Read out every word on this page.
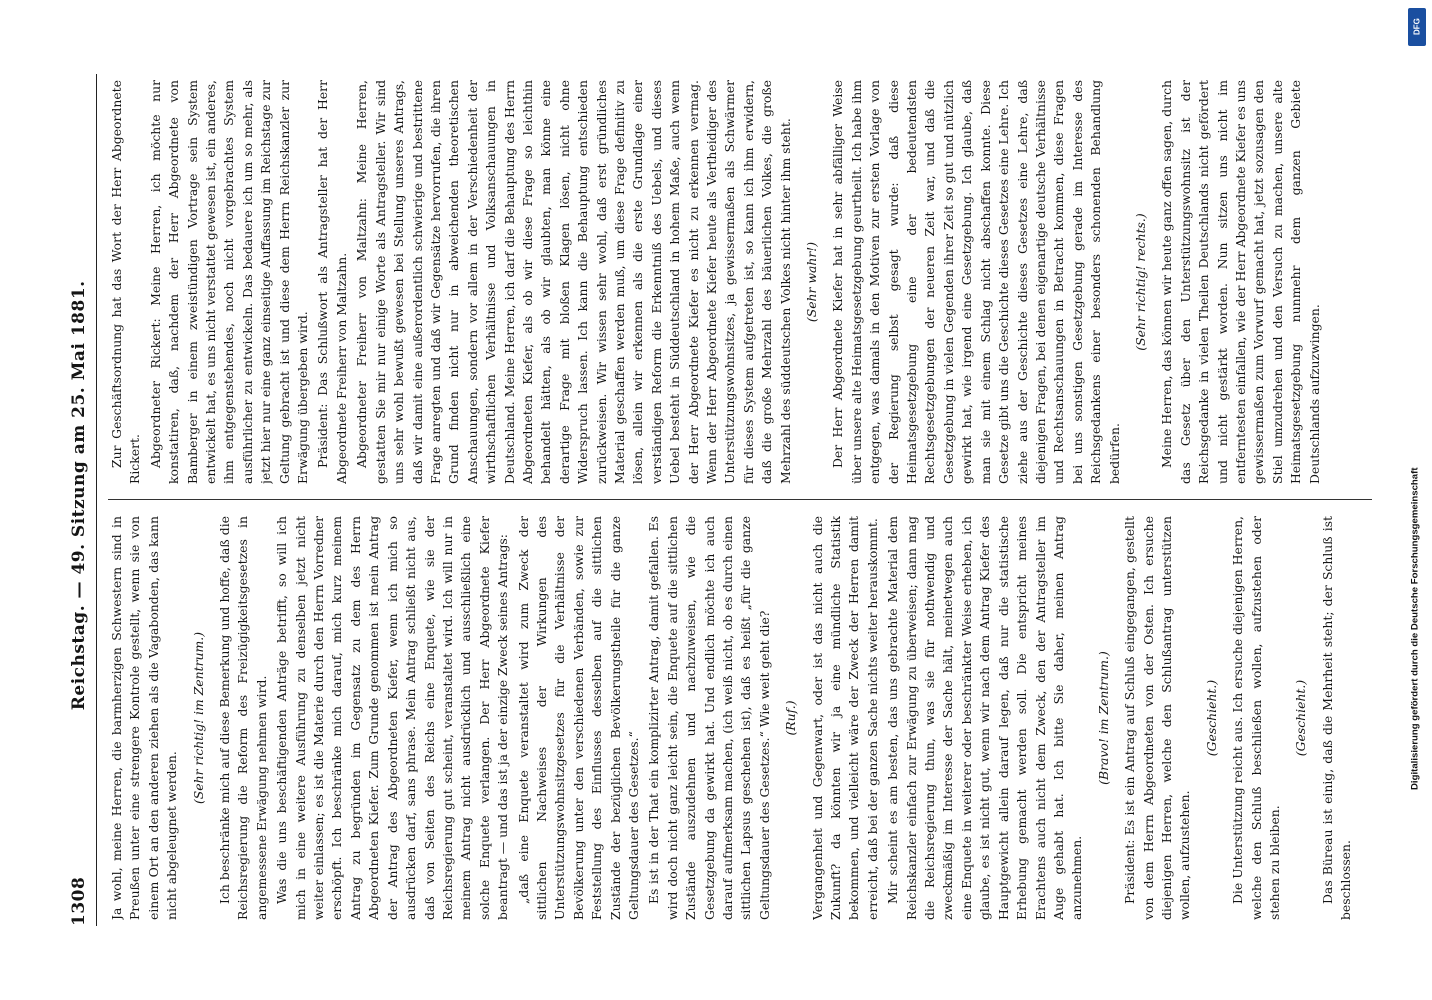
1308
Reichstag. — 49. Sitzung am 25. Mai 1881.

Ja wohl, meine Herren, die barmherzigen Schwestern sind in Preußen unter eine strengere Kontrole gestellt, wenn sie von einem Ort an den anderen ziehen als die Vagabonden, das kann nicht abgeleugnet werden.

(Sehr richtig! im Zentrum.) Ich beschränke mich auf diese Bemerkung und hoffe, daß die Reichsregierung die Reform des Freizügigkeitsgesetzes in angemessene Erwägung nehmen wird. Was die uns beschäftigenden Anträge betrifft, so will ich mich in eine weitere Ausführung zu denselben jetzt nicht weiter einlassen; es ist die Materie durch den Herrn Vorredner erschöpft. Ich beschränke mich darauf, mich kurz meinem Antrag zu begründen im Gegensatz zu dem des Herrn Abgeordneten Kiefer. Zum Grunde genommen ist mein Antrag der Antrag des Abgeordneten Kiefer, wenn ich mich so ausdrücken darf, sans phrase. Mein Antrag schließt nicht aus, daß von Seiten des Reichs eine Enquete, wie sie der Reichsregierung gut scheint, veranstaltet wird. Ich will nur in meinem Antrag nicht ausdrücklich und ausschließlich eine solche Enquete verlangen. Der Herr Abgeordnete Kiefer beantragt — und das ist ja der einzige Zweck seines Antrags: „daß eine Enquete veranstaltet wird zum Zweck der sittlichen Nachweises der Wirkungen des Unterstützungswohnsitzgesetzes für die Verhältnisse der Bevölkerung unter den verschiedenen Verbänden, sowie zur Feststellung des Einflusses desselben auf die sittlichen Zustände der bezüglichen Bevölkerungstheile für die ganze Geltungsdauer des Gesetzes.“ Es ist in der That ein komplizirter Antrag, damit gefallen. Es wird doch nicht ganz leicht sein, die Enquete auf die sittlichen Zustände auszudehnen und nachzuweisen, wie die Gesetzgebung da gewirkt hat. Und endlich möchte ich auch darauf aufmerksam machen, (ich weiß nicht, ob es durch einen sittlichen Lapsus geschehen ist), daß es heißt „für die ganze Geltungsdauer des Gesetzes.“ Wie weit geht die? (Ruf.) Vergangenheit und Gegenwart, oder ist das nicht auch die Zukunft? da könnten wir ja eine mündliche Statistik bekommen, und vielleicht wäre der Zweck der Herren damit erreicht, daß bei der ganzen Sache nichts weiter herauskommt. Mir scheint es am besten, das uns gebrachte Material dem Reichskanzler einfach zur Erwägung zu überweisen; dann mag die Reichsregierung thun, was sie für nothwendig und zweckmäßig im Interesse der Sache hält, meinetwegen auch eine Enquete in weiterer oder beschränkter Weise erheben, ich glaube, es ist nicht gut, wenn wir nach dem Antrag Kiefer des Hauptgewicht allein darauf legen, daß nur die statistische Erhebung gemacht werden soll. Die entspricht meines Erachtens auch nicht dem Zweck, den der Antragsteller im Auge gehabt hat. Ich bitte Sie daher, meinen Antrag anzunehmen.

(Bravo! im Zentrum.) Präsident: Es ist ein Antrag auf Schluß eingegangen, gestellt von dem Herrn Abgeordneten von der Osten. Ich ersuche diejenigen Herren, welche den Schlußantrag unterstützen wollen, aufzustehen.

(Geschieht.) Die Unterstützung reicht aus. Ich ersuche diejenigen Herren, welche den Schluß beschließen wollen, aufzustehen oder stehen zu bleiben.

(Geschieht.) Das Büreau ist einig, daß die Mehrheit steht; der Schluß ist beschlossen.

Zur Geschäftsordnung hat das Wort der Herr Abgeordnete Rickert. Abgeordneter Rickert: Meine Herren, ich möchte nur konstatiren, daß, nachdem der Herr Abgeordnete von Bamberger in einem zweistündigen Vortrage sein System entwickelt hat, es uns nicht verstattet gewesen ist, ein anderes, ihm entgegenstehendes, noch nicht vorgebrachtes System ausführlicher zu entwickeln. Das bedauere ich um so mehr, als jetzt hier nur eine ganz einseitige Auffassung im Reichstage zur Geltung gebracht ist und diese dem Herrn Reichskanzler zur Erwägung übergeben wird. Präsident: Das Schlußwort als Antragsteller hat der Herr Abgeordnete Freiherr von Maltzahn. Abgeordneter Freiherr von Maltzahn: Meine Herren, gestatten Sie mir nur einige Worte als Antragsteller. Wir sind uns sehr wohl bewußt gewesen bei Stellung unseres Antrags, daß wir damit eine außerordentlich schwierige und bestrittene Frage anregten und daß wir Gegensätze hervorrufen, die ihren Grund finden nicht nur in abweichenden theoretischen Anschauungen, sondern vor allem in der Verschiedenheit der wirthschaftlichen Verhältnisse und Volksanschauungen in Deutschland. Meine Herren, ich darf die Behauptung des Herrn Abgeordneten Kiefer, als ob wir diese Frage so leichthin behandelt hätten, als ob wir glaubten, man könne eine derartige Frage mit bloßen Klagen lösen, nicht ohne Widerspruch lassen. Ich kann die Behauptung entschieden zurückweisen. Wir wissen sehr wohl, daß erst gründliches Material geschaffen werden muß, um diese Frage definitiv zu lösen, allein wir erkennen als die erste Grundlage einer verständigen Reform die Erkenntniß des Uebels, und dieses Uebel besteht in Süddeutschland in hohem Maße, auch wenn der Herr Abgeordnete Kiefer es nicht zu erkennen vermag. Wenn der Herr Abgeordnete Kiefer heute als Vertheidiger des Unterstützungswohnsitzes, ja gewissermaßen als Schwärmer für dieses System aufgetreten ist, so kann ich ihm erwidern, daß die große Mehrzahl des bäuerlichen Volkes, die große Mehrzahl des süddeutschen Volkes nicht hinter ihm steht. (Sehr wahr!) Der Herr Abgeordnete Kiefer hat in sehr abfälliger Weise über unsere alte Heimatsgesetzgebung geurtheilt. Ich habe ihm entgegen, was damals in den Motiven zur ersten Vorlage von der Regierung selbst gesagt wurde: daß diese Heimatsgesetzgebung eine der bedeutendsten Rechtsgesetzgebungen der neueren Zeit war, und daß die Gesetzgebung in vielen Gegenden ihrer Zeit so gut und nützlich gewirkt hat, wie irgend eine Gesetzgebung. Ich glaube, daß man sie mit einem Schlag nicht abschaffen konnte. Diese Gesetze gibt uns die Geschichte dieses Gesetzes eine Lehre. Ich ziehe aus der Geschichte dieses Gesetzes eine Lehre, daß diejenigen Fragen, bei denen eigenartige deutsche Verhältnisse und Rechtsanschauungen in Betracht kommen, diese Fragen bei uns sonstigen Gesetzgebung gerade im Interesse des Reichsgedankens einer besonders schonenden Behandlung bedürfen.

(Sehr richtig! rechts.) Meine Herren, das können wir heute ganz offen sagen, durch das Gesetz über den Unterstützungswohnsitz ist der Reichsgedanke in vielen Theilen Deutschlands nicht gefördert und nicht gestärkt worden. Nun sitzen uns nicht im entferntesten einfallen, wie der Herr Abgeordnete Kiefer es uns gewissermaßen zum Vorwurf gemacht hat, jetzt sozusagen den Stiel umzudrehen und den Versuch zu machen, unsere alte Heimatsgesetzgebung nunmehr dem ganzen Gebiete Deutschlands aufzuzwingen.

Digitalisierung gefördert durch die Deutsche Forschungsgemeinschaft
DFG
